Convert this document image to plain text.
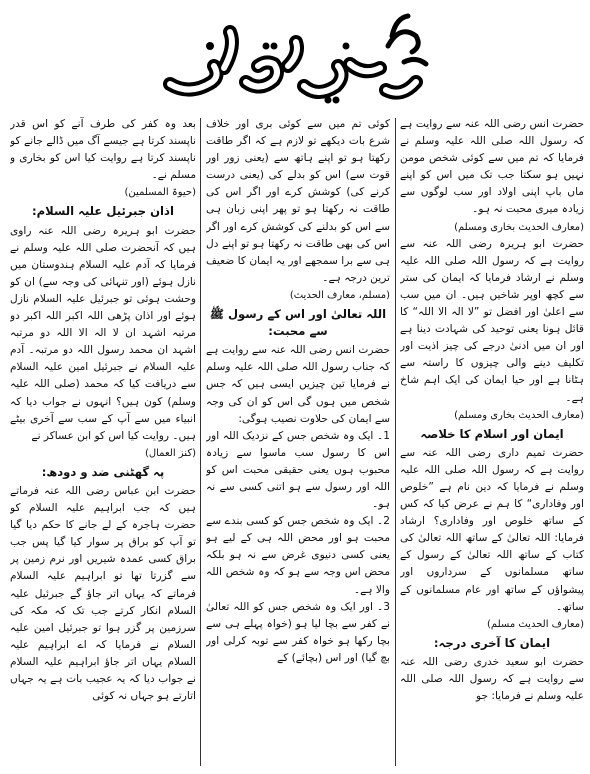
حضرت انس رضی اللہ عنہ سے روایت ہے کہ رسول اللہ صلی اللہ علیہ وسلم نے فرمایا کہ تم میں سے کوئی شخص مومن نہیں ہو سکتا جب تک میں اس کو اپنے ماں باپ اپنی اولاد اور سب لوگوں سے زیادہ میری محبت نہ ہو۔

(معارف الحدیث بخاری ومسلم)

حضرت ابو ہریرہ رضی اللہ عنہ سے روایت ہے کہ رسول اللہ صلی اللہ علیہ وسلم نے ارشاد فرمایا کہ ایمان کی ستر سے کچھ اوپر شاخیں ہیں۔ ان میں سب سے اعلیٰ اور افضل تو ”لا الہ الا اللہ“ کا قائل ہونا یعنی توحید کی شہادت دینا ہے اور ان میں ادنیٰ درجے کی چیز اذیت اور تکلیف دینے والی چیزوں کا راستہ سے ہٹانا ہے اور حیا ایمان کی ایک اہم شاخ ہے۔

(معارف الحدیث بخاری ومسلم)

ایمان اور اسلام کا خلاصہ

حضرت تمیم داری رضی اللہ عنہ سے روایت ہے کہ رسول اللہ صلی اللہ علیہ وسلم نے فرمایا کہ دین نام ہے ”خلوص اور وفاداری“ کا ہم نے عرض کیا کہ کس کے ساتھ خلوص اور وفاداری؟ ارشاد فرمایا: اللہ تعالیٰ کے ساتھ اللہ تعالیٰ کی کتاب کے ساتھ اللہ تعالیٰ کے رسول کے ساتھ مسلمانوں کے سرداروں اور پیشواؤں کے ساتھ اور عام مسلمانوں کے ساتھ۔

(معارف الحدیث مسلم)

ایمان کا آخری درجہ:

حضرت ابو سعید خدری رضی اللہ عنہ سے روایت ہے کہ رسول اللہ صلی اللہ علیہ وسلم نے فرمایا: جو

کوئی تم میں سے کوئی بری اور خلاف شرع بات دیکھے تو لازم ہے کہ اگر طاقت رکھتا ہو تو اپنے ہاتھ سے (یعنی زور اور قوت سے) اس کو بدلے کی (یعنی درست کرنے کی) کوشش کرے اور اگر اس کی طاقت نہ رکھتا ہو تو پھر اپنی زبان ہی سے اس کو بدلنے کی کوشش کرے اور اگر اس کی بھی طاقت نہ رکھتا ہو تو اپنے دل ہی سے برا سمجھے اور یہ ایمان کا ضعیف ترین درجہ ہے۔

(مسلم، معارف الحدیث)

اللہ تعالیٰ اور اس کے رسول ﷺ سے محبت:

حضرت انس رضی اللہ عنہ سے روایت ہے کہ جناب رسول اللہ صلی اللہ علیہ وسلم نے فرمایا تین چیزیں ایسی ہیں کہ جس شخص میں ہوں گی اس کو ان کی وجہ سے ایمان کی حلاوت نصیب ہوگی:

1۔ ایک وہ شخص جس کے نزدیک اللہ اور اس کا رسول سب ماسوا سے زیادہ محبوب ہوں یعنی حقیقی محبت اس کو اللہ اور رسول سے ہو اتنی کسی سے نہ ہو۔

2۔ ایک وہ شخص جس کو کسی بندے سے محبت ہو اور محض اللہ ہی کے لیے ہو یعنی کسی دنیوی غرض سے نہ ہو بلکہ محض اس وجہ سے ہو کہ وہ شخص اللہ والا ہے۔

3۔ اور ایک وہ شخص جس کو اللہ تعالیٰ نے کفر سے بچا لیا ہو (خواہ پہلے ہی سے بچا رکھا ہو خواہ کفر سے توبہ کرلی اور بچ گیا) اور اس (بچائے) کے

بعد وہ کفر کی طرف آنے کو اس قدر ناپسند کرتا ہے جیسے آگ میں ڈالے جانے کو ناپسند کرتا ہے روایت کیا اس کو بخاری و مسلم نے۔

(حیوۃ المسلمین)

اذان جبرئیل علیہ السلام:

حضرت ابو ہریرہ رضی اللہ عنہ راوی ہیں کہ آنحضرت صلی اللہ علیہ وسلم نے فرمایا کہ آدم علیہ السلام ہندوستان میں نازل ہوئے (اور تنہائی کی وجہ سے) ان کو وحشت ہوئی تو جبرئیل علیہ السلام نازل ہوئے اور اذان پڑھی اللہ اکبر اللہ اکبر دو مرتبہ اشہد ان لا الہ الا اللہ دو مرتبہ اشہد ان محمد رسول اللہ دو مرتبہ۔ آدم علیہ السلام نے جبرئیل امین علیہ السلام سے دریافت کیا کہ محمد (صلی اللہ علیہ وسلم) کون ہیں؟ انہوں نے جواب دیا کہ انبیاء میں سے آپ کے سب سے آخری بیٹے ہیں۔ روایت کیا اس کو ابن عساکر نے

(کنز العمال)

پہ گھٹنی ضد و دودھ:

حضرت ابن عباس رضی اللہ عنہ فرماتے ہیں کہ جب ابراہیم علیہ السلام کو حضرت ہاجرہ کے لے جانے کا حکم دیا گیا تو آپ کو براق پر سوار کیا گیا پس جب براق کسی عمدہ شیریں اور نرم زمین پر سے گزرتا تھا تو ابراہیم علیہ السلام فرماتے کہ یہاں اتر جاؤ گے جبرئیل علیہ السلام انکار کرتے جب تک کہ مکہ کی سرزمین پر گزر ہوا تو جبرئیل امین علیہ السلام نے فرمایا کہ اے ابراہیم علیہ السلام یہاں اتر جاؤ ابراہیم علیہ السلام نے جواب دیا کہ یہ عجیب بات ہے یہ جہاں اتارتے ہو جہاں نہ کوئی
